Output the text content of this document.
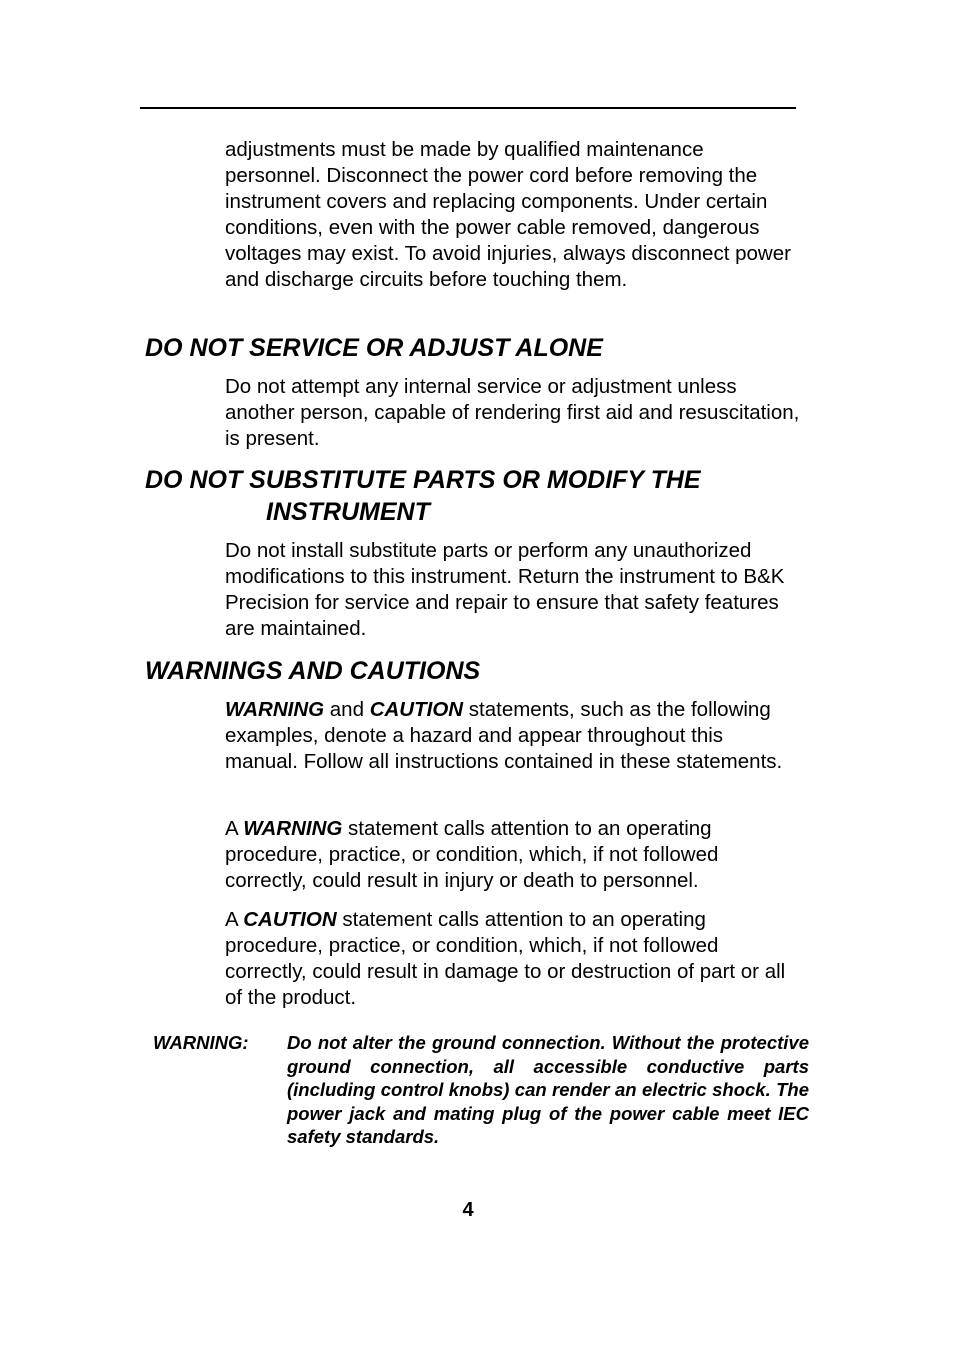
adjustments must be made by qualified maintenance personnel. Disconnect the power cord before removing the instrument covers and replacing components. Under certain conditions, even with the power cable removed, dangerous voltages may exist. To avoid injuries, always disconnect power and discharge circuits before touching them.

DO NOT SERVICE OR ADJUST ALONE

Do not attempt any internal service or adjustment unless another person, capable of rendering first aid and resuscitation, is present.

DO NOT SUBSTITUTE PARTS OR MODIFY THE
INSTRUMENT

Do not install substitute parts or perform any unauthorized modifications to this instrument. Return the instrument to B&K Precision for service and repair to ensure that safety features are maintained.

WARNINGS AND CAUTIONS

WARNING and CAUTION statements, such as the following examples, denote a hazard and appear throughout this manual. Follow all instructions contained in these statements.

A WARNING statement calls attention to an operating procedure, practice, or condition, which, if not followed correctly, could result in injury or death to personnel.

A CAUTION statement calls attention to an operating procedure, practice, or condition, which, if not followed correctly, could result in damage to or destruction of part or all of the product.

WARNING: Do not alter the ground connection. Without the protective ground connection, all accessible conductive parts (including control knobs) can render an electric shock. The power jack and mating plug of the power cable meet IEC safety standards.

4
